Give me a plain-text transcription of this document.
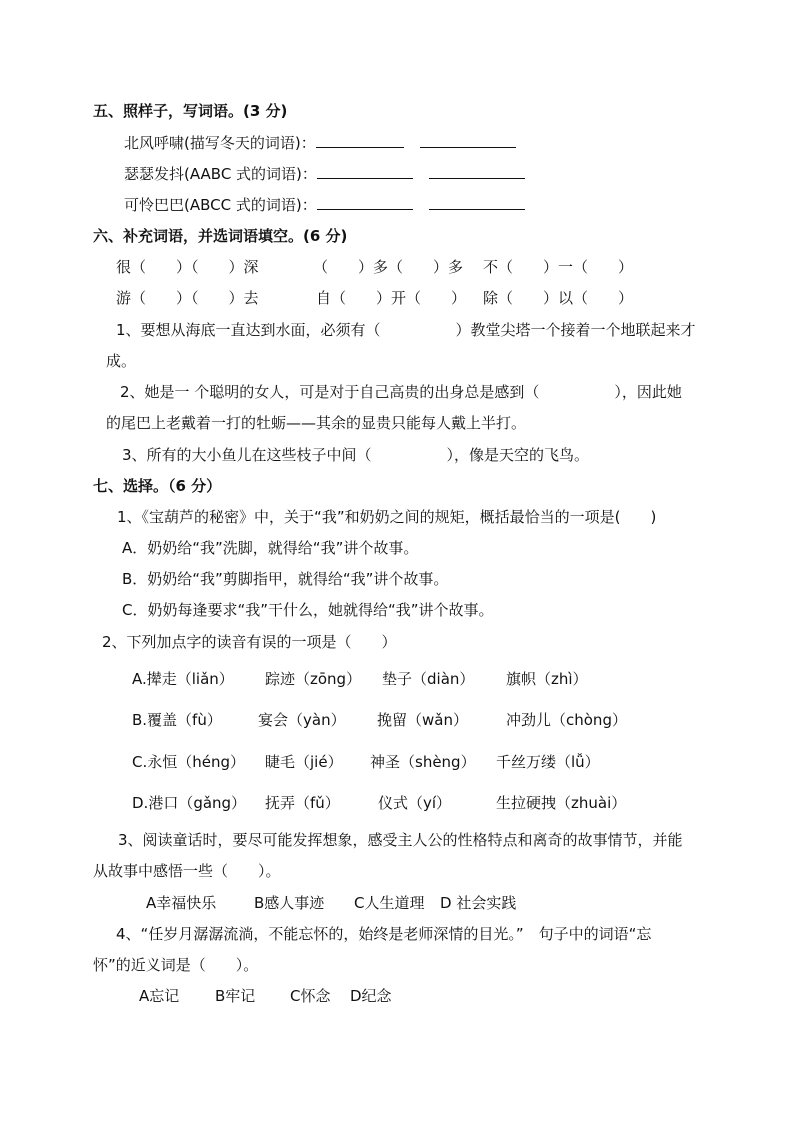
五、照样子，写词语。(3 分)
北风呼啸(描写冬天的词语)：
瑟瑟发抖(AABC 式的词语)：
可怜巴巴(ABCC 式的词语)：
六、补充词语，并选词语填空。(6 分)
很（　　）（　　）深	（　　）多（　　）多 不（　　）一（　　）
游（　　）（　　）去	自（　　）开（　　） 除（　　）以（　　）
1、要想从海底一直达到水面，必须有（　　　　　）教堂尖塔一个接着一个地联起来才
成。
2、她是一 个聪明的女人，可是对于自己高贵的出身总是感到（　　　　　），因此她
的尾巴上老戴着一打的牡蛎——其余的显贵只能每人戴上半打。
3、所有的大小鱼儿在这些枝子中间（　　　　　），像是天空的飞鸟。
七、选择。（6 分）
1、《宝葫芦的秘密》中，关于“我”和奶奶之间的规矩，概括最恰当的一项是(　　)
A．奶奶给“我”洗脚，就得给“我”讲个故事。
B．奶奶给“我”剪脚指甲，就得给“我”讲个故事。
C．奶奶每逢要求“我”干什么，她就得给“我”讲个故事。
2、下列加点字的读音有误的一项是（　　）
A.撵走（liǎn） 踪迹（zōng） 垫子（diàn） 旗帜（zhì）
B.覆盖（fù） 宴会（yàn） 挽留（wǎn）	冲劲儿（chòng）
C.永恒（héng） 睫毛（jié） 神圣（shèng） 千丝万缕（lǚ）
D.港口（gǎng） 抚弄（fǔ）	仪式（yí）	生拉硬拽（zhuài）
3、阅读童话时，要尽可能发挥想象，感受主人公的性格特点和离奇的故事情节，并能
从故事中感悟一些（　　）。
A幸福快乐	B感人事迹 C人生道理 D 社会实践
4、“任岁月潺潺流淌，不能忘怀的，始终是老师深情的目光。”　句子中的词语“忘
怀”的近义词是（　　）。
A忘记 B牢记 C怀念 D纪念
